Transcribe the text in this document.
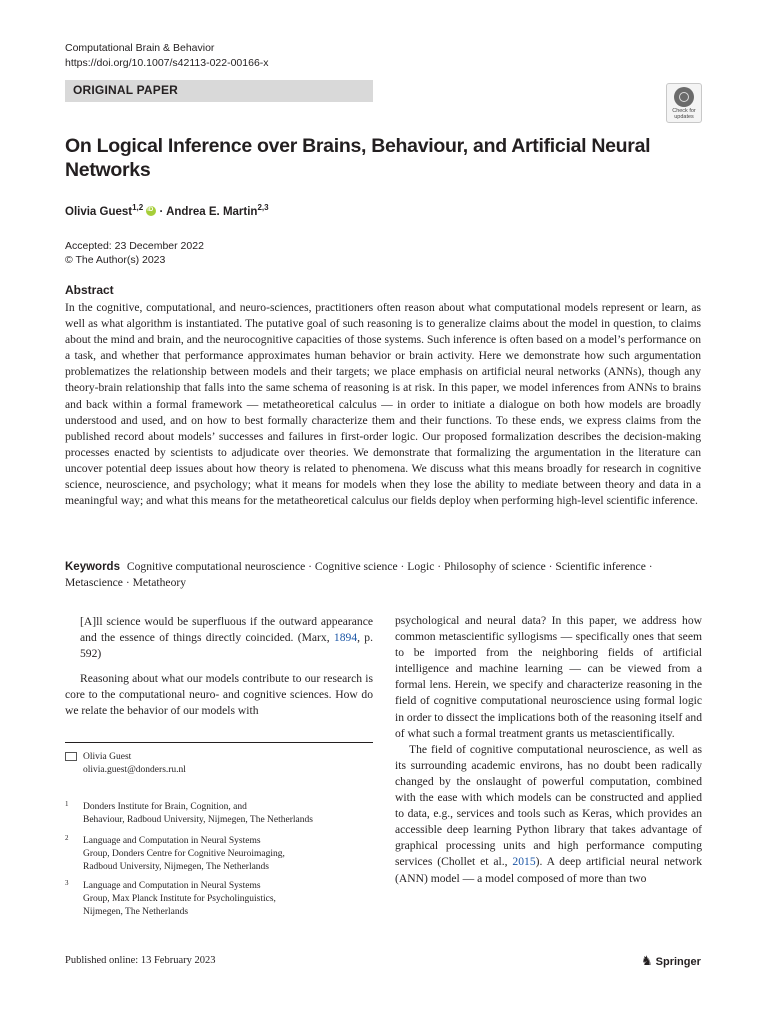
Computational Brain & Behavior
https://doi.org/10.1007/s42113-022-00166-x
ORIGINAL PAPER
Check for
updates
On Logical Inference over Brains, Behaviour, and Artificial Neural Networks
Olivia Guest$^{1,2}$iD · Andrea E. Martin$^{2,3}$
Accepted: 23 December 2022
© The Author(s) 2023
Abstract

In the cognitive, computational, and neuro-sciences, practitioners often reason about what computational models represent or learn, as well as what algorithm is instantiated. The putative goal of such reasoning is to generalize claims about the model in question, to claims about the mind and brain, and the neurocognitive capacities of those systems. Such inference is often based on a model’s performance on a task, and whether that performance approximates human behavior or brain activity. Here we demonstrate how such argumentation problematizes the relationship between models and their targets; we place emphasis on artificial neural networks (ANNs), though any theory-brain relationship that falls into the same schema of reasoning is at risk. In this paper, we model inferences from ANNs to brains and back within a formal framework — metatheoretical calculus — in order to initiate a dialogue on both how models are broadly understood and used, and on how to best formally characterize them and their functions. To these ends, we express claims from the published record about models’ successes and failures in first-order logic. Our proposed formalization describes the decision-making processes enacted by scientists to adjudicate over theories. We demonstrate that formalizing the argumentation in the literature can uncover potential deep issues about how theory is related to phenomena. We discuss what this means broadly for research in cognitive science, neuroscience, and psychology; what it means for models when they lose the ability to mediate between theory and data in a meaningful way; and what this means for the metatheoretical calculus our fields deploy when performing high-level scientific inference.

Keywords Cognitive computational neuroscience · Cognitive science · Logic · Philosophy of science · Scientific inference · Metascience · Metatheory

[A]ll science would be superfluous if the outward appearance and the essence of things directly coincided. (Marx, 1894, p. 592)

Reasoning about what our models contribute to our research is core to the computational neuro- and cognitive sciences. How do we relate the behavior of our models with

Olivia Guest
olivia.guest@donders.ru.nl
1 Donders Institute for Brain, Cognition, and
Behaviour, Radboud University, Nijmegen, The Netherlands
2 Language and Computation in Neural Systems
Group, Donders Centre for Cognitive Neuroimaging,
Radboud University, Nijmegen, The Netherlands
3 Language and Computation in Neural Systems
Group, Max Planck Institute for Psycholinguistics,
Nijmegen, The Netherlands

psychological and neural data? In this paper, we address how common metascientific syllogisms — specifically ones that seem to be imported from the neighboring fields of artificial intelligence and machine learning — can be viewed from a formal lens. Herein, we specify and characterize reasoning in the field of cognitive computational neuroscience using formal logic in order to dissect the implications both of the reasoning itself and of what such a formal treatment grants us metascientifically.

The field of cognitive computational neuroscience, as well as its surrounding academic environs, has no doubt been radically changed by the onslaught of powerful computation, combined with the ease with which models can be constructed and applied to data, e.g., services and tools such as Keras, which provides an accessible deep learning Python library that takes advantage of graphical processing units and high performance computing services (Chollet et al., 2015). A deep artificial neural network (ANN) model — a model composed of more than two

Published online: 13 February 2023	♞ Springer
